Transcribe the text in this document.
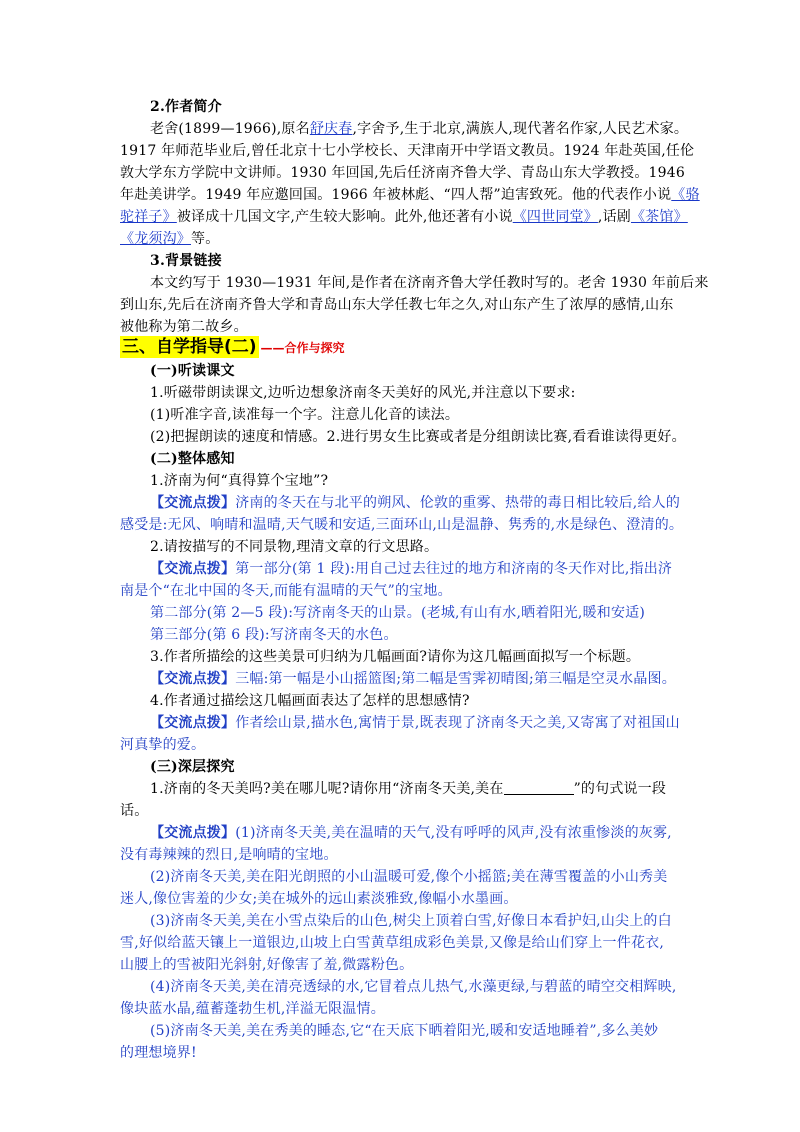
2.作者简介
老舍(1899—1966),原名舒庆春,字舍予,生于北京,满族人,现代著名作家,人民艺术家。
1917 年师范毕业后,曾任北京十七小学校长、天津南开中学语文教员。1924 年赴英国,任伦
敦大学东方学院中文讲师。1930 年回国,先后任济南齐鲁大学、青岛山东大学教授。1946
年赴美讲学。1949 年应邀回国。1966 年被林彪、“四人帮”迫害致死。他的代表作小说《骆
驼祥子》被译成十几国文字,产生较大影响。此外,他还著有小说《四世同堂》,话剧《茶馆》
《龙须沟》等。
3.背景链接
本文约写于 1930—1931 年间,是作者在济南齐鲁大学任教时写的。老舍 1930 年前后来
到山东,先后在济南齐鲁大学和青岛山东大学任教七年之久,对山东产生了浓厚的感情,山东
被他称为第二故乡。
三、自学指导(二) ——合作与探究
(一)听读课文
1.听磁带朗读课文,边听边想象济南冬天美好的风光,并注意以下要求:
(1)听准字音,读准每一个字。注意儿化音的读法。
(2)把握朗读的速度和情感。2.进行男女生比赛或者是分组朗读比赛,看看谁读得更好。
(二)整体感知
1.济南为何“真得算个宝地”?
【交流点拨】济南的冬天在与北平的朔风、伦敦的重雾、热带的毒日相比较后,给人的
感受是:无风、响晴和温晴,天气暖和安适,三面环山,山是温静、隽秀的,水是绿色、澄清的。
2.请按描写的不同景物,理清文章的行文思路。
【交流点拨】第一部分(第 1 段):用自己过去往过的地方和济南的冬天作对比,指出济
南是个“在北中国的冬天,而能有温晴的天气”的宝地。
第二部分(第 2—5 段):写济南冬天的山景。(老城,有山有水,晒着阳光,暖和安适)
第三部分(第 6 段):写济南冬天的水色。
3.作者所描绘的这些美景可归纳为几幅画面?请你为这几幅画面拟写一个标题。
【交流点拨】三幅:第一幅是小山摇篮图;第二幅是雪霁初晴图;第三幅是空灵水晶图。
4.作者通过描绘这几幅画面表达了怎样的思想感情?
【交流点拨】作者绘山景,描水色,寓情于景,既表现了济南冬天之美,又寄寓了对祖国山
河真挚的爱。
(三)深层探究
1.济南的冬天美吗?美在哪儿呢?请你用“济南冬天美,美在	”的句式说一段
话。
【交流点拨】(1)济南冬天美,美在温晴的天气,没有呼呼的风声,没有浓重惨淡的灰雾,
没有毒辣辣的烈日,是响晴的宝地。
(2)济南冬天美,美在阳光朗照的小山温暖可爱,像个小摇篮;美在薄雪覆盖的小山秀美
迷人,像位害羞的少女;美在城外的远山素淡雅致,像幅小水墨画。
(3)济南冬天美,美在小雪点染后的山色,树尖上顶着白雪,好像日本看护妇,山尖上的白
雪,好似给蓝天镶上一道银边,山坡上白雪黄草组成彩色美景,又像是给山们穿上一件花衣,
山腰上的雪被阳光斜射,好像害了羞,微露粉色。
(4)济南冬天美,美在清亮透绿的水,它冒着点儿热气,水藻更绿,与碧蓝的晴空交相辉映,
像块蓝水晶,蕴蓄蓬勃生机,洋溢无限温情。
(5)济南冬天美,美在秀美的睡态,它“在天底下晒着阳光,暖和安适地睡着”,多么美妙
的理想境界!
